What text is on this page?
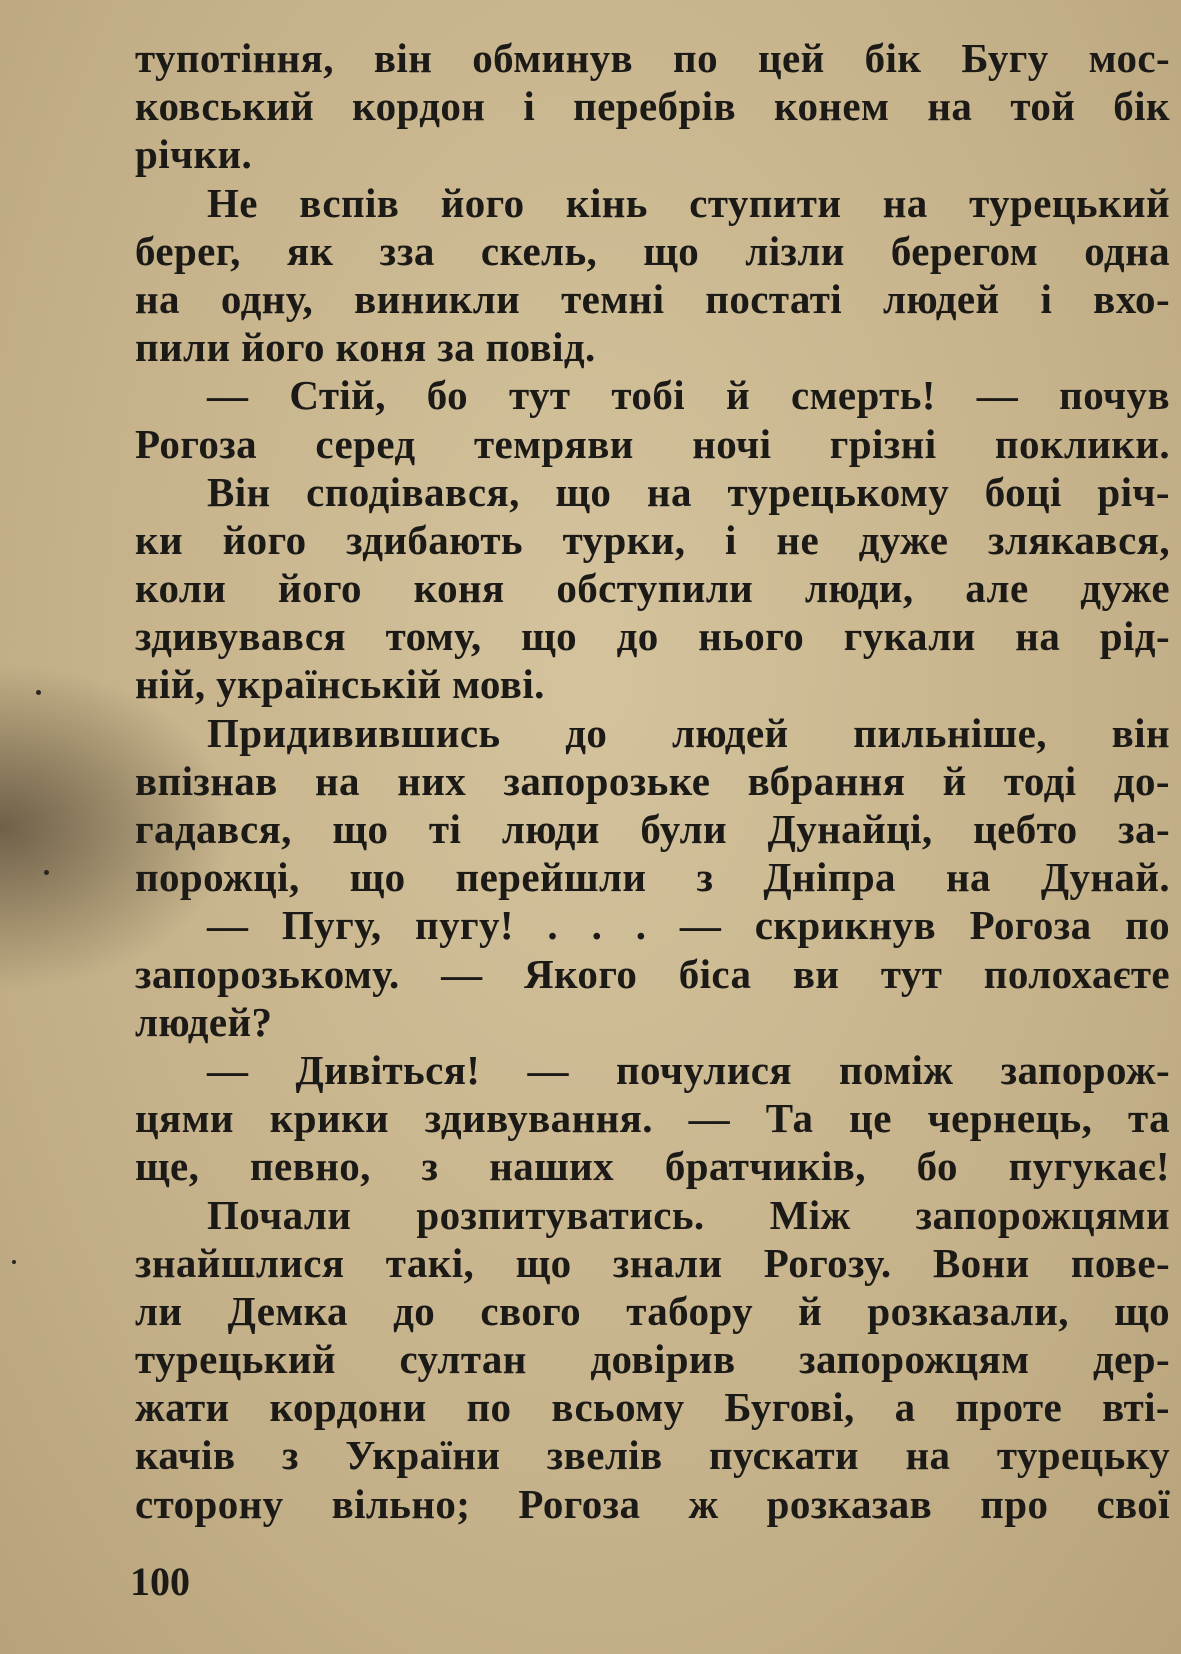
тупотіння, він обминув по цей бік Бугу мос-
ковський кордон і перебрів конем на той бік
річки.
Не вспів його кінь ступити на турецький
берег, як зза скель, що лізли берегом одна
на одну, виникли темні постаті людей і вхо-
пили його коня за повід.
— Стій, бо тут тобі й смерть! — почув
Рогоза серед темряви ночі грізні поклики.
Він сподівався, що на турецькому боці річ-
ки його здибають турки, і не дуже злякався,
коли його коня обступили люди, але дуже
здивувався тому, що до нього гукали на рід-
ній, українській мові.
Придивившись до людей пильніше, він
впізнав на них запорозьке вбрання й тоді до-
гадався, що ті люди були Дунайці, цебто за-
порожці, що перейшли з Дніпра на Дунай.
— Пугу, пугу! . . . — скрикнув Рогоза по
запорозькому. — Якого біса ви тут полохаєте
людей?
— Дивіться! — почулися поміж запорож-
цями крики здивування. — Та це чернець, та
ще, певно, з наших братчиків, бо пугукає!
Почали розпитуватись. Між запорожцями
знайшлися такі, що знали Рогозу. Вони пове-
ли Демка до свого табору й розказали, що
турецький султан довірив запорожцям дер-
жати кордони по всьому Бугові, а проте вті-
качів з України звелів пускати на турецьку
сторону вільно; Рогоза ж розказав про свої
100
